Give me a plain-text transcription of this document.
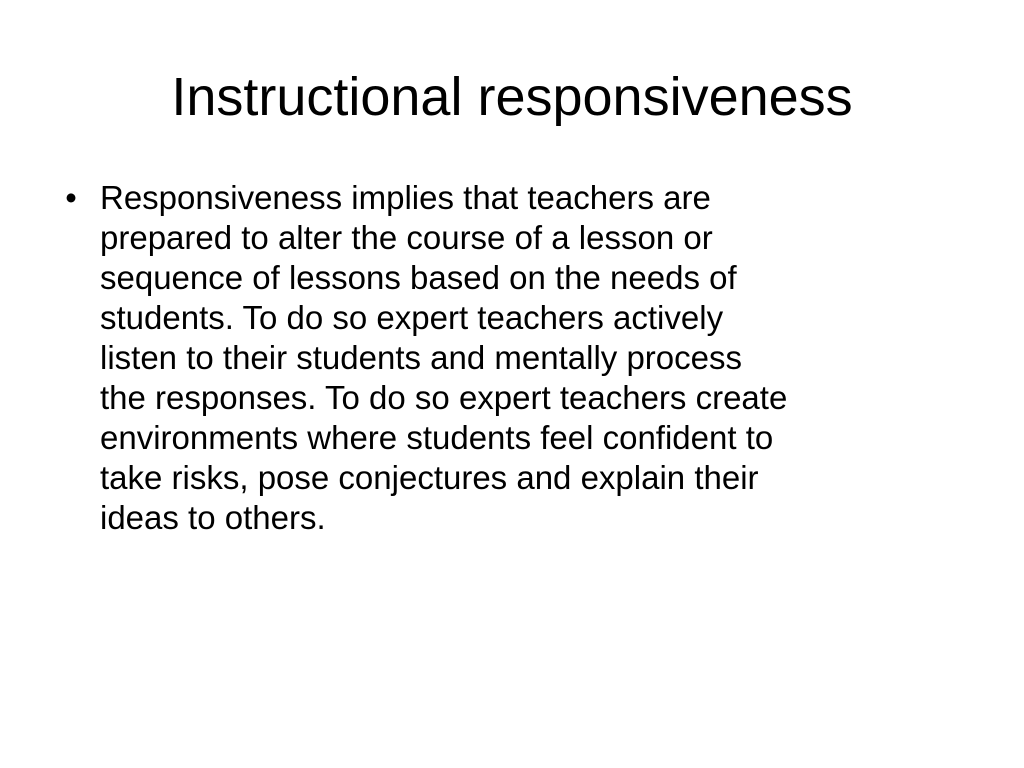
Instructional responsiveness
• Responsiveness implies that teachers are
prepared to alter the course of a lesson or
sequence of lessons based on the needs of
students. To do so expert teachers actively
listen to their students and mentally process
the responses. To do so expert teachers create
environments where students feel confident to
take risks, pose conjectures and explain their
ideas to others.
